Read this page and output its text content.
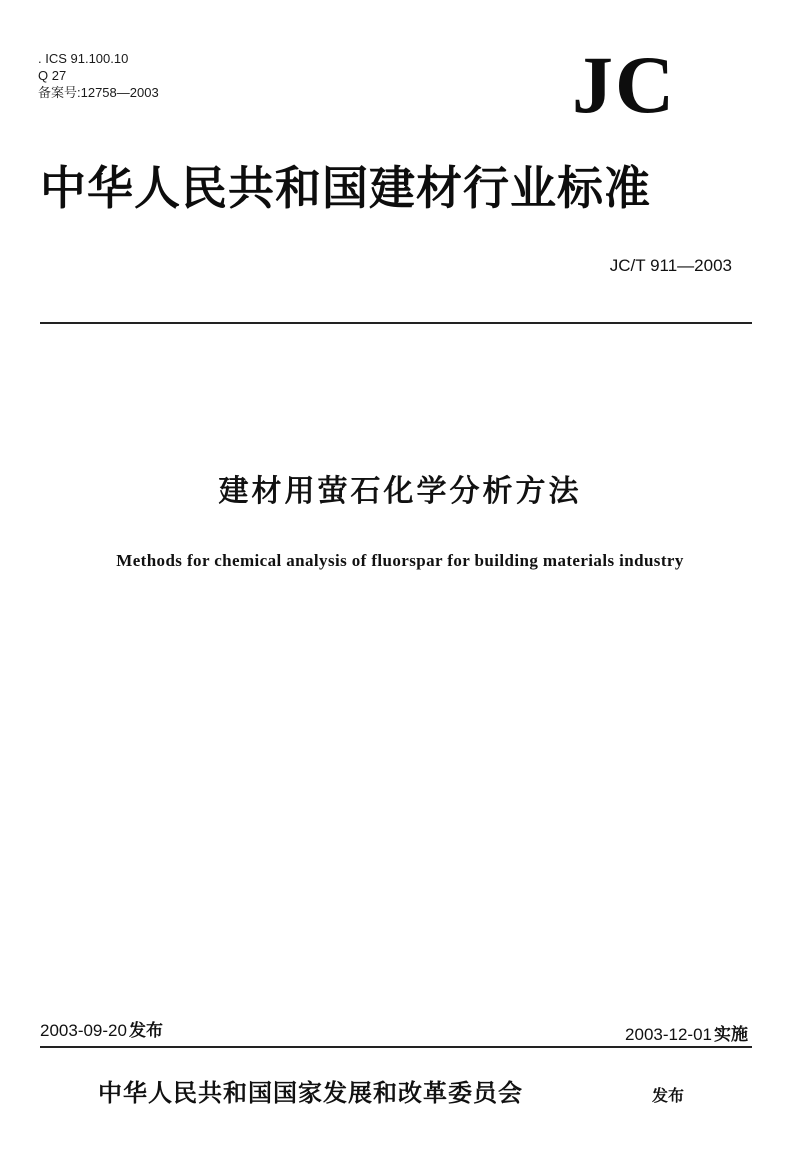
. ICS 91.100.10
Q 27
备案号:12758—2003	JC
中华人民共和国建材行业标准
JC/T 911—2003
建材用萤石化学分析方法
Methods for chemical analysis of fluorspar for building materials industry
2003-09-20 发布	2003-12-01 实施
中华人民共和国国家发展和改革委员会	发布
